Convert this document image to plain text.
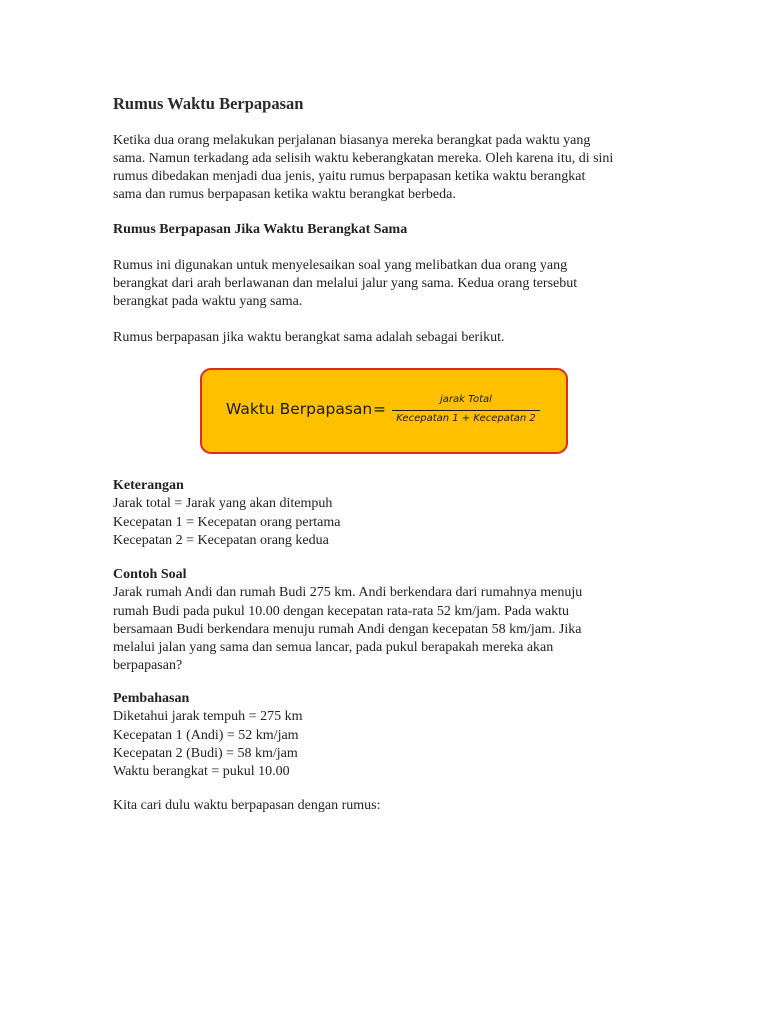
Rumus Waktu Berpapasan

Ketika dua orang melakukan perjalanan biasanya mereka berangkat pada waktu yang
sama. Namun terkadang ada selisih waktu keberangkatan mereka. Oleh karena itu, di sini
rumus dibedakan menjadi dua jenis, yaitu rumus berpapasan ketika waktu berangkat
sama dan rumus berpapasan ketika waktu berangkat berbeda.

Rumus Berpapasan Jika Waktu Berangkat Sama

Rumus ini digunakan untuk menyelesaikan soal yang melibatkan dua orang yang
berangkat dari arah berlawanan dan melalui jalur yang sama. Kedua orang tersebut
berangkat pada waktu yang sama.

Rumus berpapasan jika waktu berangkat sama adalah sebagai berikut.

Keterangan
Jarak total = Jarak yang akan ditempuh
Kecepatan 1 = Kecepatan orang pertama
Kecepatan 2 = Kecepatan orang kedua
Contoh Soal
Jarak rumah Andi dan rumah Budi 275 km. Andi berkendara dari rumahnya menuju
rumah Budi pada pukul 10.00 dengan kecepatan rata-rata 52 km/jam. Pada waktu
bersamaan Budi berkendara menuju rumah Andi dengan kecepatan 58 km/jam. Jika
melalui jalan yang sama dan semua lancar, pada pukul berapakah mereka akan
berpapasan?
Pembahasan
Diketahui jarak tempuh = 275 km
Kecepatan 1 (Andi) = 52 km/jam
Kecepatan 2 (Budi) = 58 km/jam
Waktu berangkat = pukul 10.00

Kita cari dulu waktu berpapasan dengan rumus:

Waktu Berpapasan =
jarak Total
Kecepatan 1 + Kecepatan 2
